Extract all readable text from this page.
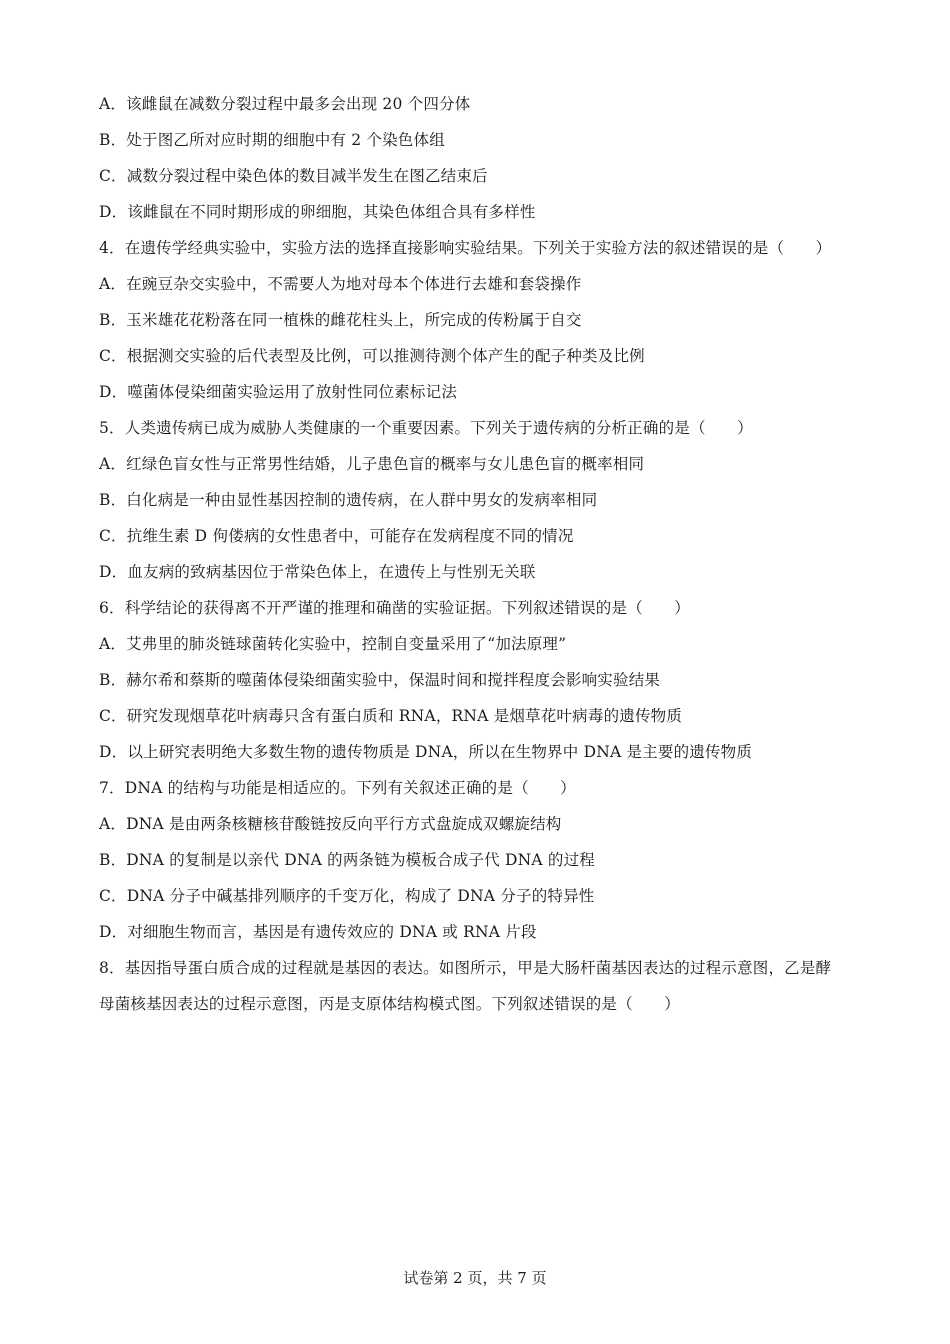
A．该雌鼠在减数分裂过程中最多会出现 20 个四分体
B．处于图乙所对应时期的细胞中有 2 个染色体组
C．减数分裂过程中染色体的数目减半发生在图乙结束后
D．该雌鼠在不同时期形成的卵细胞，其染色体组合具有多样性
4．在遗传学经典实验中，实验方法的选择直接影响实验结果。下列关于实验方法的叙述错误的是（　　）
A．在豌豆杂交实验中，不需要人为地对母本个体进行去雄和套袋操作
B．玉米雄花花粉落在同一植株的雌花柱头上，所完成的传粉属于自交
C．根据测交实验的后代表型及比例，可以推测待测个体产生的配子种类及比例
D．噬菌体侵染细菌实验运用了放射性同位素标记法
5．人类遗传病已成为威胁人类健康的一个重要因素。下列关于遗传病的分析正确的是（　　）
A．红绿色盲女性与正常男性结婚，儿子患色盲的概率与女儿患色盲的概率相同
B．白化病是一种由显性基因控制的遗传病，在人群中男女的发病率相同
C．抗维生素 D 佝偻病的女性患者中，可能存在发病程度不同的情况
D．血友病的致病基因位于常染色体上，在遗传上与性别无关联
6．科学结论的获得离不开严谨的推理和确凿的实验证据。下列叙述错误的是（　　）
A．艾弗里的肺炎链球菌转化实验中，控制自变量采用了“加法原理”
B．赫尔希和蔡斯的噬菌体侵染细菌实验中，保温时间和搅拌程度会影响实验结果
C．研究发现烟草花叶病毒只含有蛋白质和 RNA，RNA 是烟草花叶病毒的遗传物质
D．以上研究表明绝大多数生物的遗传物质是 DNA，所以在生物界中 DNA 是主要的遗传物质
7．DNA 的结构与功能是相适应的。下列有关叙述正确的是（　　）
A．DNA 是由两条核糖核苷酸链按反向平行方式盘旋成双螺旋结构
B．DNA 的复制是以亲代 DNA 的两条链为模板合成子代 DNA 的过程
C．DNA 分子中碱基排列顺序的千变万化，构成了 DNA 分子的特异性
D．对细胞生物而言，基因是有遗传效应的 DNA 或 RNA 片段
8．基因指导蛋白质合成的过程就是基因的表达。如图所示，甲是大肠杆菌基因表达的过程示意图，乙是酵
母菌核基因表达的过程示意图，丙是支原体结构模式图。下列叙述错误的是（　　）
试卷第 2 页，共 7 页
